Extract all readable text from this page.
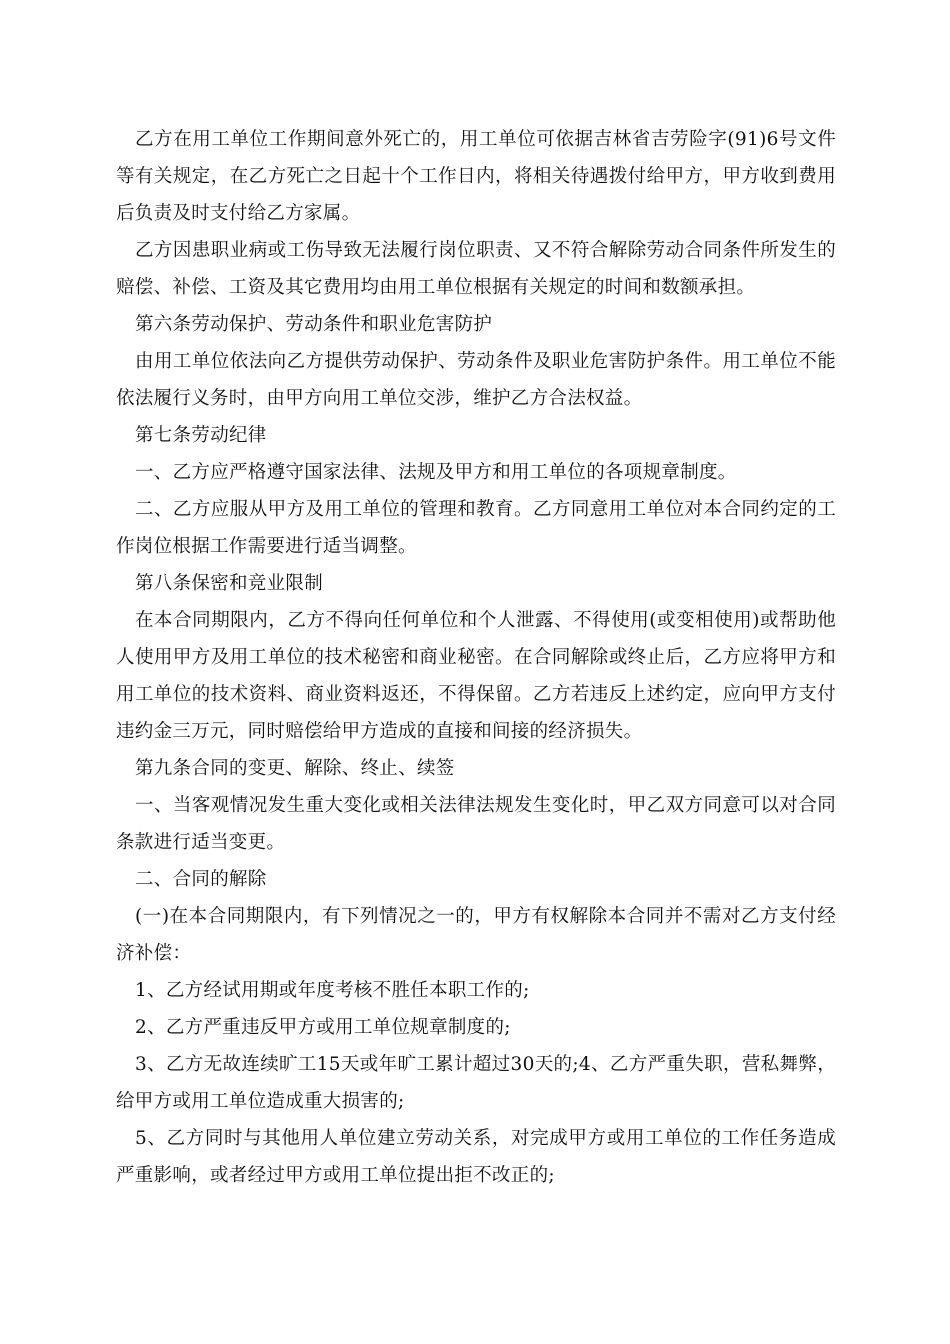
乙方在用工单位工作期间意外死亡的，用工单位可依据吉林省吉劳险字(91)6号文件等有关规定，在乙方死亡之日起十个工作日内，将相关待遇拨付给甲方，甲方收到费用后负责及时支付给乙方家属。

乙方因患职业病或工伤导致无法履行岗位职责、又不符合解除劳动合同条件所发生的赔偿、补偿、工资及其它费用均由用工单位根据有关规定的时间和数额承担。

第六条劳动保护、劳动条件和职业危害防护

由用工单位依法向乙方提供劳动保护、劳动条件及职业危害防护条件。用工单位不能依法履行义务时，由甲方向用工单位交涉，维护乙方合法权益。

第七条劳动纪律

一、乙方应严格遵守国家法律、法规及甲方和用工单位的各项规章制度。

二、乙方应服从甲方及用工单位的管理和教育。乙方同意用工单位对本合同约定的工作岗位根据工作需要进行适当调整。

第八条保密和竞业限制

在本合同期限内，乙方不得向任何单位和个人泄露、不得使用(或变相使用)或帮助他人使用甲方及用工单位的技术秘密和商业秘密。在合同解除或终止后，乙方应将甲方和用工单位的技术资料、商业资料返还，不得保留。乙方若违反上述约定，应向甲方支付违约金三万元，同时赔偿给甲方造成的直接和间接的经济损失。

第九条合同的变更、解除、终止、续签

一、当客观情况发生重大变化或相关法律法规发生变化时，甲乙双方同意可以对合同条款进行适当变更。

二、合同的解除

(一)在本合同期限内，有下列情况之一的，甲方有权解除本合同并不需对乙方支付经济补偿：

1、乙方经试用期或年度考核不胜任本职工作的;

2、乙方严重违反甲方或用工单位规章制度的;

3、乙方无故连续旷工15天或年旷工累计超过30天的;4、乙方严重失职，营私舞弊，给甲方或用工单位造成重大损害的;

5、乙方同时与其他用人单位建立劳动关系，对完成甲方或用工单位的工作任务造成严重影响，或者经过甲方或用工单位提出拒不改正的;
